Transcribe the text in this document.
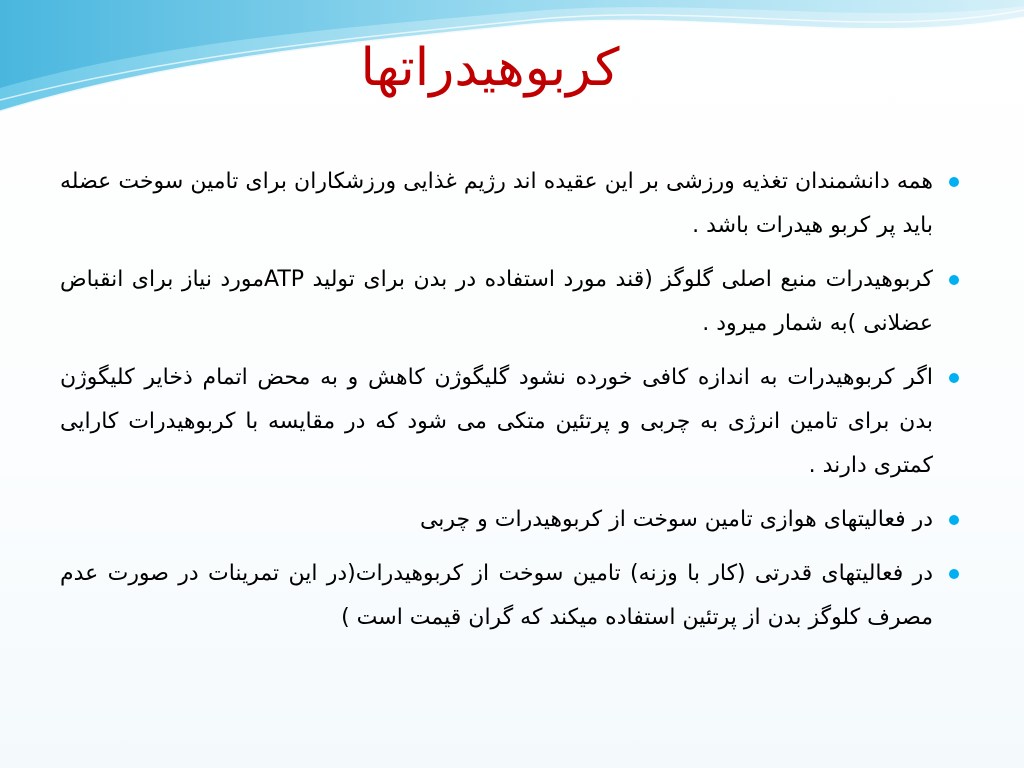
کربوهیدراتها
همه دانشمندان تغذیه ورزشی بر این عقیده اند رژیم غذایی ورزشکاران برای تامین سوخت عضله باید پر کربو هیدرات باشد .
کربوهیدرات منبع اصلی گلوگز (قند مورد استفاده در بدن برای تولید ATPمورد نیاز برای انقباض عضلانی )به شمار میرود .
اگر کربوهیدرات به اندازه کافی خورده نشود گلیگوژن کاهش و به محض اتمام ذخایر کلیگوژن بدن برای تامین انرژی به چربی و پرتئین متکی می شود که در مقایسه با کربوهیدرات کارایی کمتری دارند .
در فعالیتهای هوازی تامین سوخت از کربوهیدرات و چربی
در فعالیتهای قدرتی (کار با وزنه) تامین سوخت از کربوهیدرات(در این تمرینات در صورت عدم مصرف کلوگز بدن از پرتئین استفاده میکند که گران قیمت است )
